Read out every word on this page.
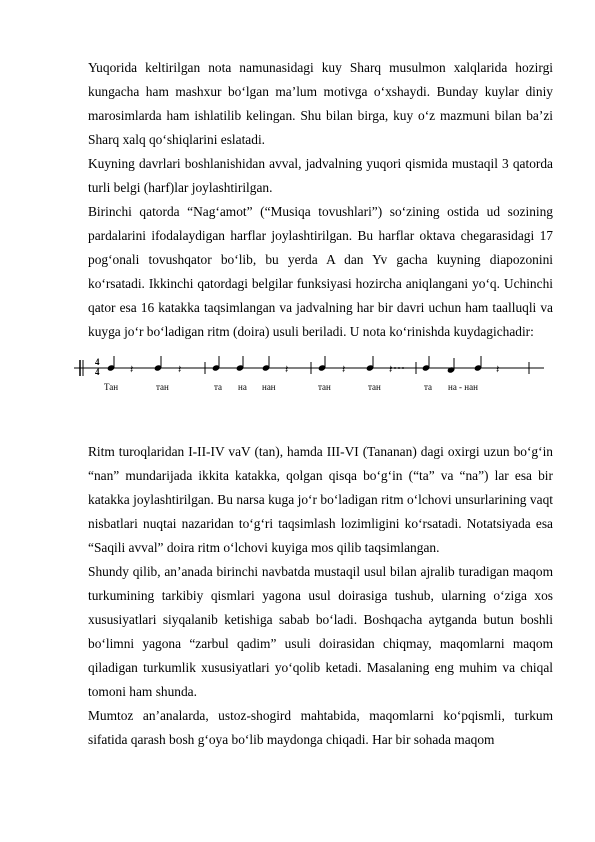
Yuqorida keltirilgan nota namunasidagi kuy Sharq musulmon xalqlarida hozirgi kungacha ham mashxur boʻlgan ma’lum motivga oʻxshaydi. Bunday kuylar diniy marosimlarda ham ishlatilib kelingan. Shu bilan birga, kuy oʻz mazmuni bilan ba’zi Sharq xalq qoʻshiqlarini eslatadi.

Kuyning davrlari boshlanishidan avval, jadvalning yuqori qismida mustaqil 3 qatorda turli belgi (harf)lar joylashtirilgan.

Birinchi qatorda “Nagʻamot” (“Musiqa tovushlari”) soʻzining ostida ud sozining pardalarini ifodalaydigan harflar joylashtirilgan. Bu harflar oktava chegarasidagi 17 pogʻonali tovushqator boʻlib, bu yerda A dan Yv gacha kuyning diapozonini koʻrsatadi. Ikkinchi qatordagi belgilar funksiyasi hozircha aniqlangani yoʻq. Uchinchi qator esa 16 katakka taqsimlangan va jadvalning har bir davri uchun ham taalluqli va kuyga joʻr boʻladigan ritm (doira) usuli beriladi. U nota koʻrinishda kuydagichadir:

4
4	𝄽	𝄽	𝄽	𝄽	𝄽	𝄽
Тан	тан	та на нан	тан	тан	та на - нан

Ritm turoqlaridan I-II-IV vaV (tan), hamda III-VI (Tananan) dagi oxirgi uzun boʻgʻin “nan” mundarijada ikkita katakka, qolgan qisqa boʻgʻin (“ta” va “na”) lar esa bir katakka joylashtirilgan. Bu narsa kuga joʻr boʻladigan ritm oʻlchovi unsurlarining vaqt nisbatlari nuqtai nazaridan toʻgʻri taqsimlash lozimligini koʻrsatadi. Notatsiyada esa “Saqili avval” doira ritm oʻlchovi kuyiga mos qilib taqsimlangan.

Shundy qilib, an’anada birinchi navbatda mustaqil usul bilan ajralib turadigan maqom turkumining tarkibiy qismlari yagona usul doirasiga tushub, ularning oʻziga xos xususiyatlari siyqalanib ketishiga sabab boʻladi. Boshqacha aytganda butun boshli boʻlimni yagona “zarbul qadim” usuli doirasidan chiqmay, maqomlarni maqom qiladigan turkumlik xususiyatlari yoʻqolib ketadi. Masalaning eng muhim va chiqal tomoni ham shunda.

Mumtoz an’analarda, ustoz-shogird mahtabida, maqomlarni koʻpqismli, turkum sifatida qarash bosh gʻoya boʻlib maydonga chiqadi. Har bir sohada maqom
